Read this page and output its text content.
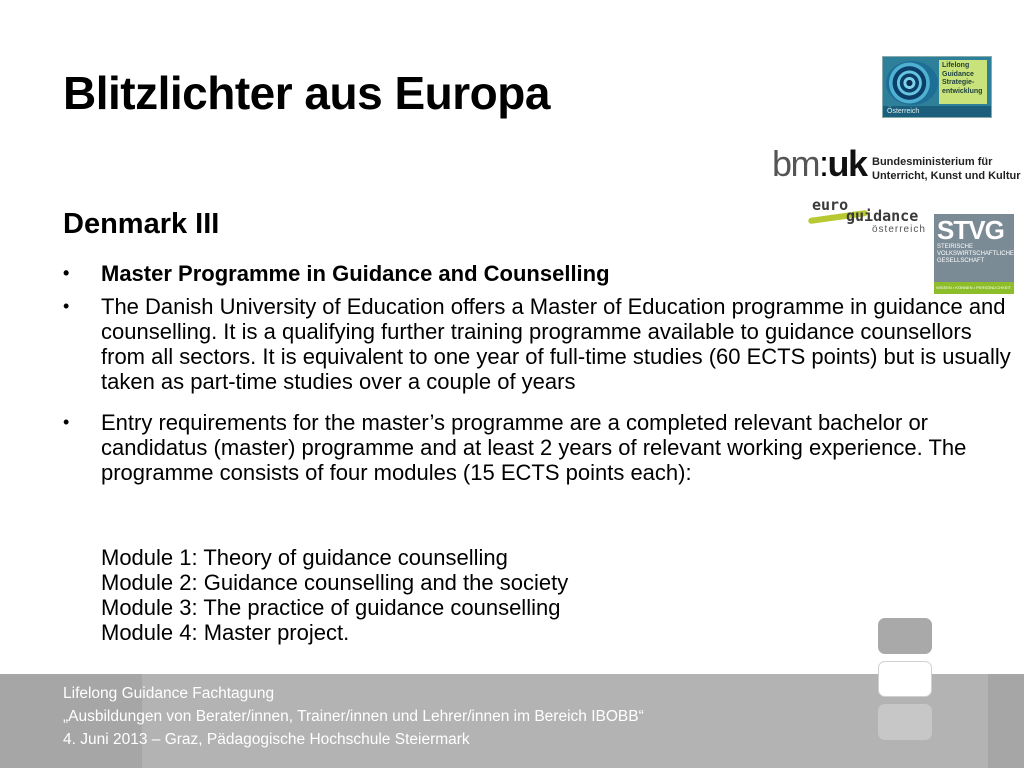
Blitzlichter aus Europa
Lifelong
Guidance
Strategie-
entwicklung
Österreich
bm:uk Bundesministerium für
Unterricht, Kunst und Kultur
euro
guidance
österreich STVG
STEIRISCHE
VOLKSWIRTSCHAFTLICHE
GESELLSCHAFT
WISSEN • KÖNNEN • PERSÖNLICHKEIT
Denmark III
• Master Programme in Guidance and Counselling
• The Danish University of Education offers a Master of Education programme in guidance and counselling. It is a qualifying further training programme available to guidance counsellors from all sectors. It is equivalent to one year of full-time studies (60 ECTS points) but is usually taken as part-time studies over a couple of years
• Entry requirements for the master’s programme are a completed relevant bachelor or candidatus (master) programme and at least 2 years of relevant working experience. The programme consists of four modules (15 ECTS points each):
Module 1: Theory of guidance counselling
Module 2: Guidance counselling and the society
Module 3: The practice of guidance counselling
Module 4: Master project.
Lifelong Guidance Fachtagung
„Ausbildungen von Berater/innen, Trainer/innen und Lehrer/innen im Bereich IBOBB“
4. Juni 2013 – Graz, Pädagogische Hochschule Steiermark
